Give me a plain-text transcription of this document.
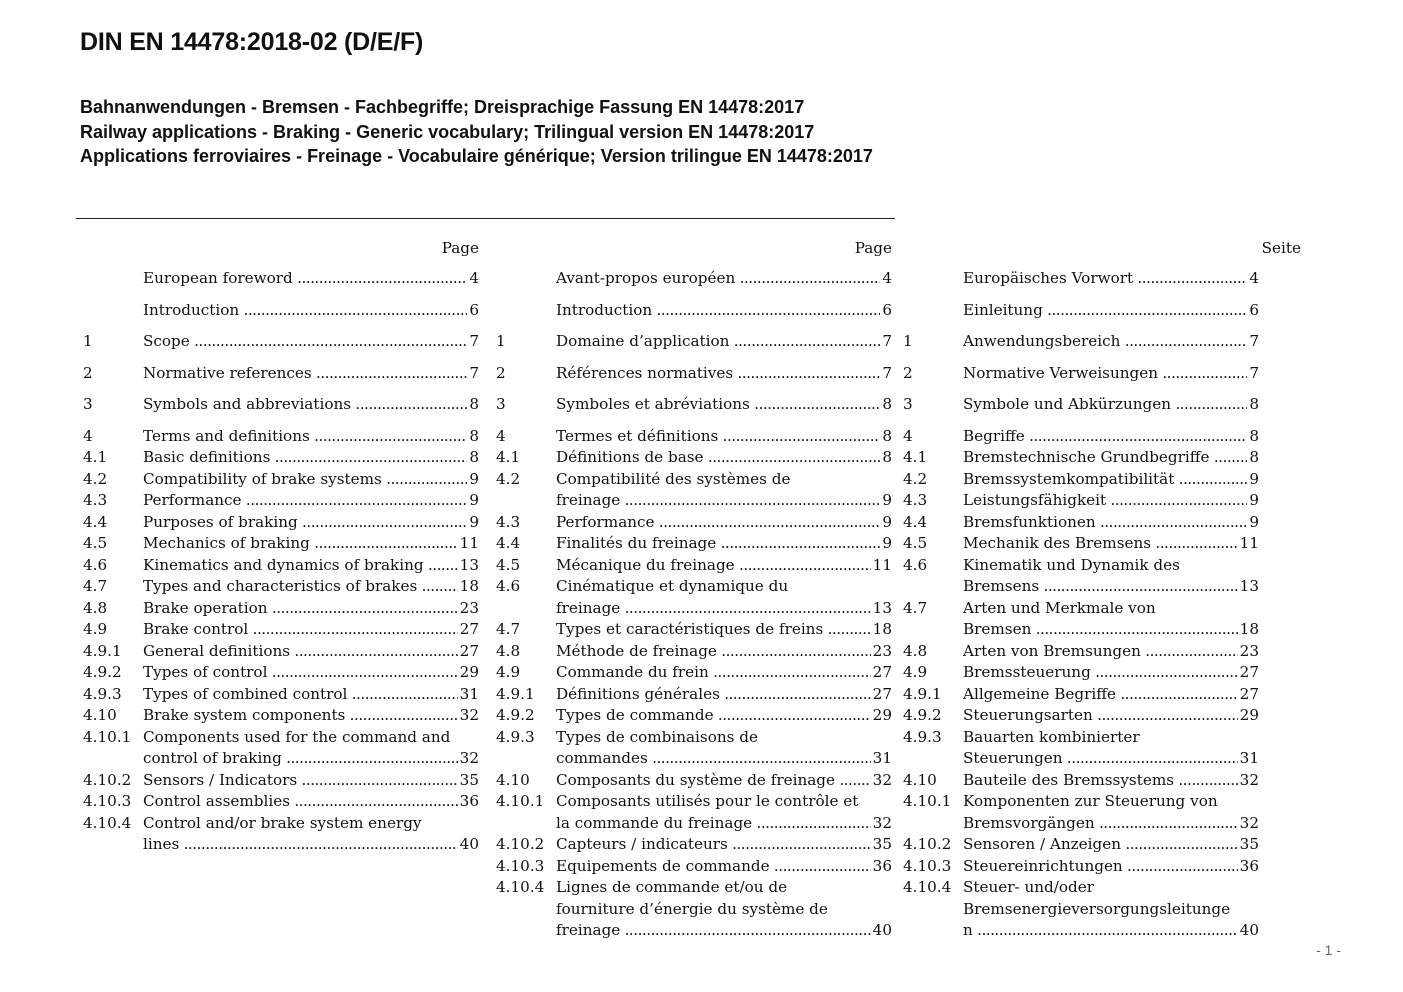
DIN EN 14478:2018-02 (D/E/F)

Bahnanwendungen - Bremsen - Fachbegriffe; Dreisprachige Fassung EN 14478:2017

Railway applications - Braking - Generic vocabulary; Trilingual version EN 14478:2017

Applications ferroviaires - Freinage - Vocabulaire générique; Version trilingue EN 14478:2017

Page
European foreword	4
.....
Introduction	6
.....
1	Scope	7
.....
2	Normative references	7
.....
3	Symbols and abbreviations	8
.....
4	Terms and definitions	8
.....
4.1	Basic definitions	8
.....
4.2	Compatibility of brake systems	9
.....
4.3	Performance	9
.....
4.4	Purposes of braking	9
.....
4.5	Mechanics of braking	11
.....
4.6	Kinematics and dynamics of braking 13
.....
4.7	Types and characteristics of brakes	18
.....
4.8	Brake operation	23
.....
4.9	Brake control	27
.....
4.9.1	General definitions	27
.....
4.9.2	Types of control	29
.....
4.9.3	Types of combined control	31
.....
4.10	Brake system components	32
.....
4.10.1 Components used for the command and
control of braking	32
.....
4.10.2 Sensors / Indicators	35
.....
4.10.3 Control assemblies	36
.....
4.10.4 Control and/or brake system energy
lines	40
.....
Page
Avant-propos européen	4
.....
Introduction	6
.....
1	Domaine d’application	7
.....
2	Références normatives	7
.....
3	Symboles et abréviations	8
.....
4	Termes et définitions	8
.....
4.1	Définitions de base	8
.....
4.2	Compatibilité des systèmes de
freinage	9
.....
4.3	Performance	9
.....
4.4	Finalités du freinage	9
.....
4.5	Mécanique du freinage	11
.....
4.6	Cinématique et dynamique du
freinage	13
.....
4.7	Types et caractéristiques de freins	18
.....
4.8	Méthode de freinage	23
.....
4.9	Commande du frein	27
.....
4.9.1	Définitions générales	27
.....
4.9.2	Types de commande	29
.....
4.9.3	Types de combinaisons de
commandes	31
.....
4.10	Composants du système de freinage 32
.....
4.10.1 Composants utilisés pour le contrôle et
la commande du freinage	32
.....
4.10.2 Capteurs / indicateurs	35
.....
4.10.3 Equipements de commande	36
.....
4.10.4 Lignes de commande et/ou de
fourniture d’énergie du système de
freinage	40
.....
Seite
Europäisches Vorwort	4
.....
Einleitung	6
.....
1	Anwendungsbereich	7
.....
2	Normative Verweisungen	7
.....
3	Symbole und Abkürzungen	8
.....
4	Begriffe	8
.....
4.1	Bremstechnische Grundbegriffe	8
.....
4.2	Bremssystemkompatibilität	9
.....
4.3	Leistungsfähigkeit	9
.....
4.4	Bremsfunktionen	9
.....
4.5	Mechanik des Bremsens	11
.....
4.6	Kinematik und Dynamik des
Bremsens	13
.....
4.7	Arten und Merkmale von
Bremsen	18
.....
4.8	Arten von Bremsungen	23
.....
4.9	Bremssteuerung	27
.....
4.9.1	Allgemeine Begriffe	27
.....
4.9.2	Steuerungsarten	29
.....
4.9.3	Bauarten kombinierter
Steuerungen	31
.....
4.10	Bauteile des Bremssystems	32
.....
4.10.1 Komponenten zur Steuerung von
Bremsvorgängen	32
.....
4.10.2 Sensoren / Anzeigen	35
.....
4.10.3 Steuereinrichtungen	36
.....
4.10.4 Steuer- und/oder
Bremsenergieversorgungsleitunge
n	40
.....
- 1 -
